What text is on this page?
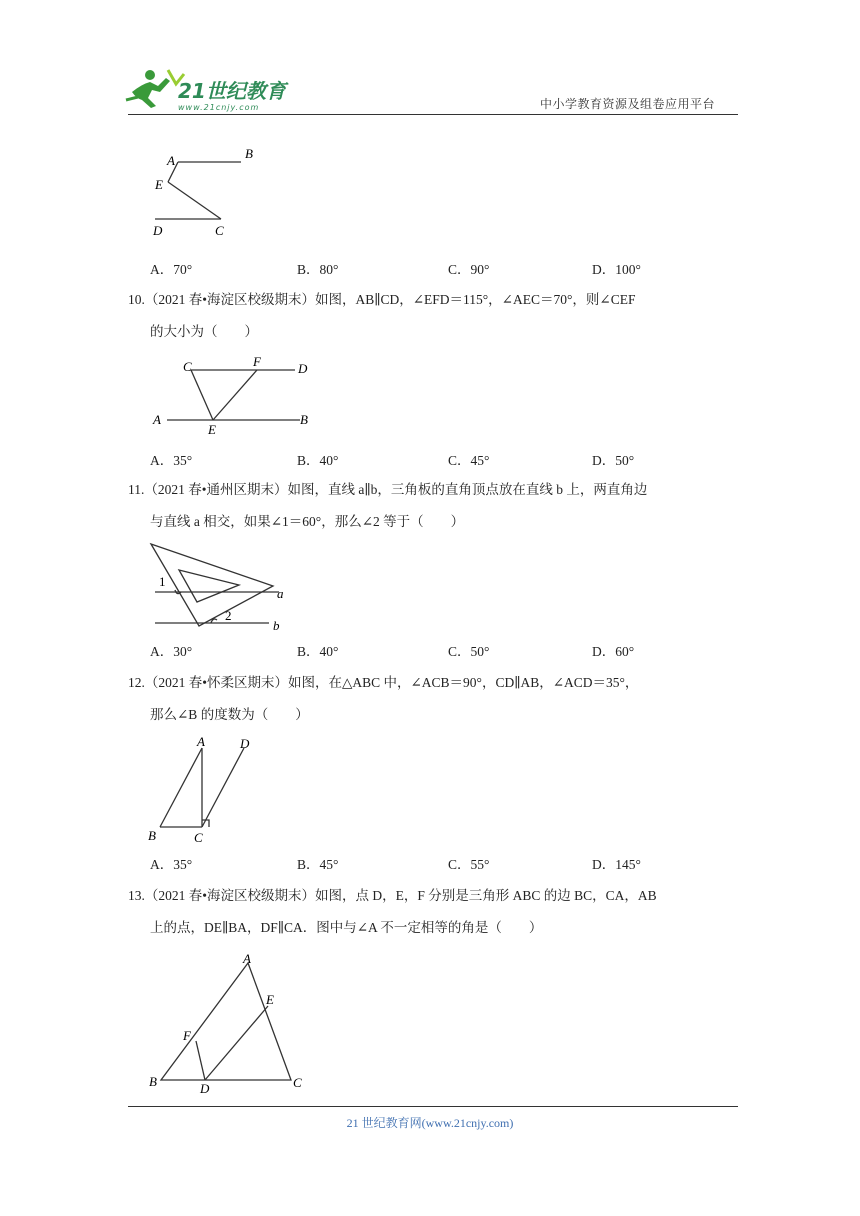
21世纪教育
www.21cnjy.com	中小学教育资源及组卷应用平台
A	B
E
D	C
A．70°	B．80°	C．90°	D．100°
10.（2021 春•海淀区校级期末）如图，AB∥CD，∠EFD＝115°，∠AEC＝70°，则∠CEF
的大小为（　　）
C	F	D
A
E
B
A．35°	B．40°	C．45°	D．50°
11.（2021 春•通州区期末）如图，直线 a∥b，三角板的直角顶点放在直线 b 上，两直角边
与直线 a 相交，如果∠1＝60°，那么∠2 等于（　　）
1
2
a
b
A．30°	B．40°	C．50°	D．60°
12.（2021 春•怀柔区期末）如图，在△ABC 中，∠ACB＝90°，CD∥AB，∠ACD＝35°，
那么∠B 的度数为（　　）
A	D
B	C
A．35°	B．45°	C．55°	D．145°
13.（2021 春•海淀区校级期末）如图，点 D，E，F 分别是三角形 ABC 的边 BC，CA，AB
上的点，DE∥BA，DF∥CA．图中与∠A 不一定相等的角是（　　）
A
E
F
B	D	C
21 世纪教育网(www.21cnjy.com)
